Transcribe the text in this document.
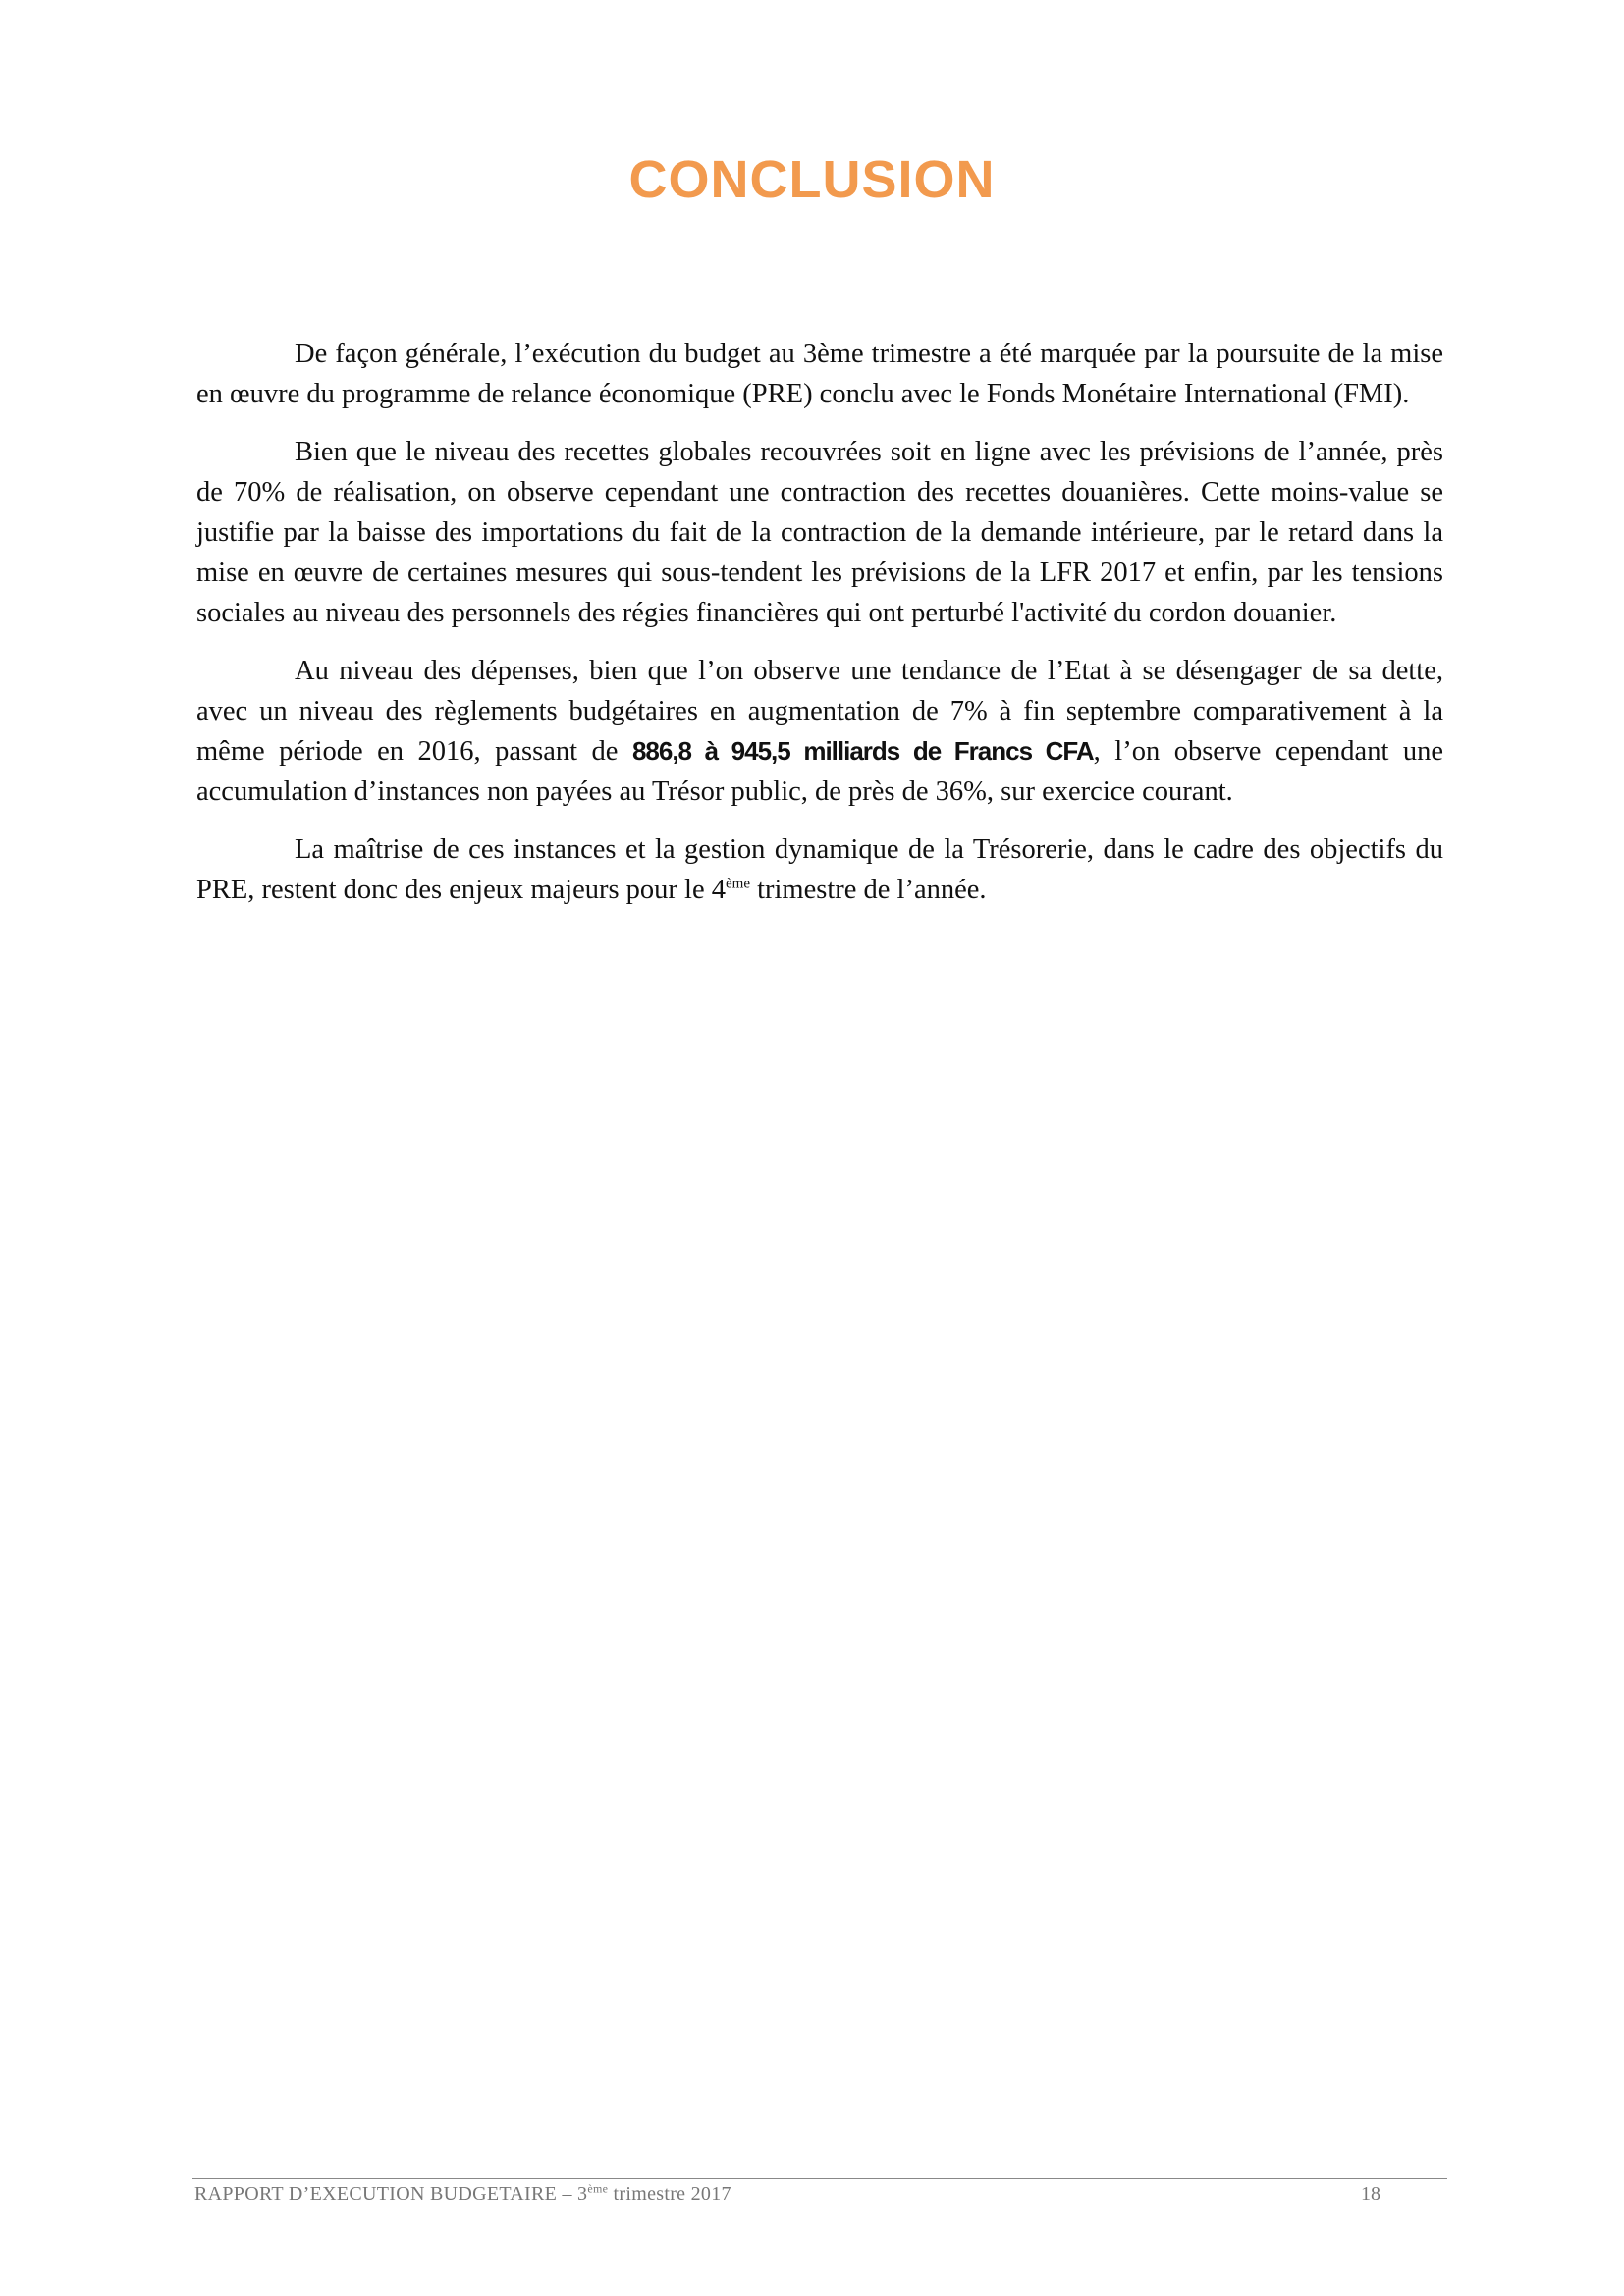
CONCLUSION

De façon générale, l’exécution du budget au 3ème trimestre a été marquée par la poursuite de la mise en œuvre du programme de relance économique (PRE) conclu avec le Fonds Monétaire International (FMI).

Bien que le niveau des recettes globales recouvrées soit en ligne avec les prévisions de l’année, près de 70% de réalisation, on observe cependant une contraction des recettes douanières. Cette moins-value se justifie par la baisse des importations du fait de la contraction de la demande intérieure, par le retard dans la mise en œuvre de certaines mesures qui sous-tendent les prévisions de la LFR 2017 et enfin, par les tensions sociales au niveau des personnels des régies financières qui ont perturbé l'activité du cordon douanier.

Au niveau des dépenses, bien que l’on observe une tendance de l’Etat à se désengager de sa dette, avec un niveau des règlements budgétaires en augmentation de 7% à fin septembre comparativement à la même période en 2016, passant de 886,8 à 945,5 milliards de Francs CFA, l’on observe cependant une accumulation d’instances non payées au Trésor public, de près de 36%, sur exercice courant.

La maîtrise de ces instances et la gestion dynamique de la Trésorerie, dans le cadre des objectifs du PRE, restent donc des enjeux majeurs pour le 4ème trimestre de l’année.

RAPPORT D’EXECUTION BUDGETAIRE – 3ème trimestre 2017	18
